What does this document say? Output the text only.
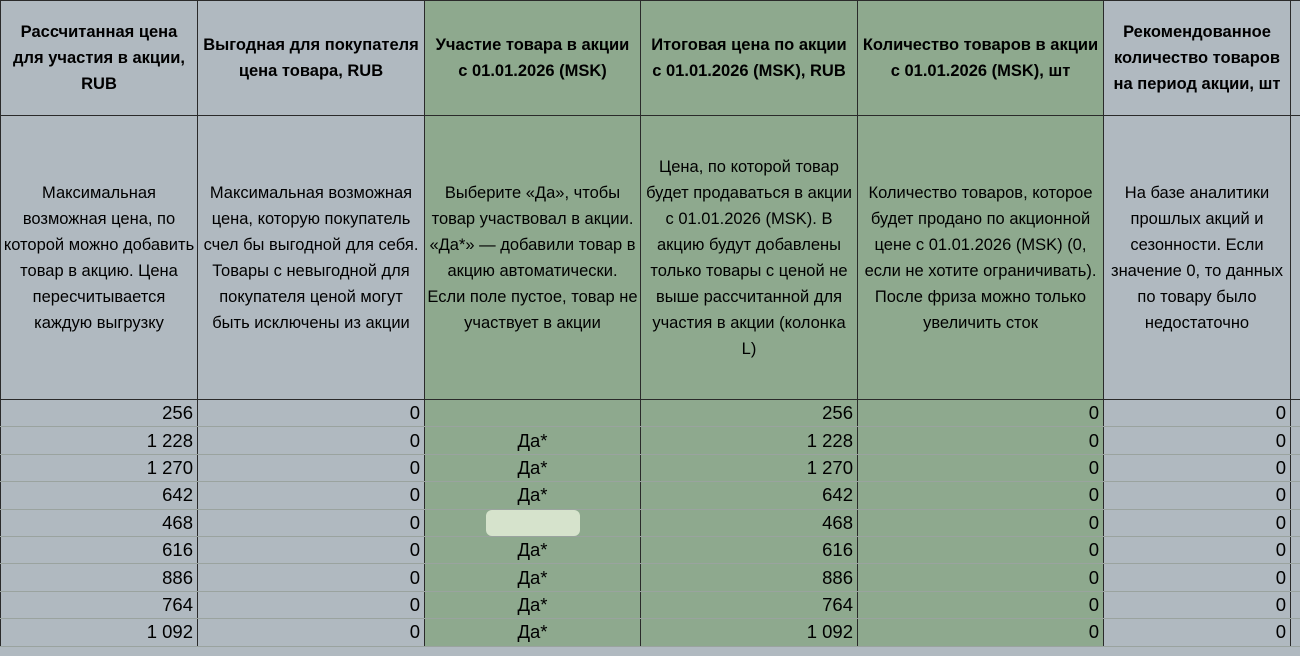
Рассчитанная цена для участия в акции, RUB	Выгодная для покупателя цена товара, RUB	Участие товара в акции с 01.01.2026 (MSK)	Итоговая цена по акции с 01.01.2026 (MSK), RUB	Количество товаров в акции с 01.01.2026 (MSK), шт	Рекомендованное количество товаров на период акции, шт	
Максимальная возможная цена, по которой можно добавить товар в акцию. Цена пересчитывается каждую выгрузку	Максимальная возможная цена, которую покупатель счел бы выгодной для себя. Товары с невыгодной для покупателя ценой могут быть исключены из акции	Выберите «Да», чтобы товар участвовал в акции. «Да*» — добавили товар в акцию автоматически. Если поле пустое, товар не участвует в акции	Цена, по которой товар будет продаваться в акции с 01.01.2026 (MSK). В акцию будут добавлены только товары с ценой не выше рассчитанной для участия в акции (колонка L)	Количество товаров, которое будет продано по акционной цене с 01.01.2026 (MSK) (0, если не хотите ограничивать). После фриза можно только увеличить сток	На базе аналитики прошлых акций и сезонности. Если значение 0, то данных по товару было недостаточно	
256	0		256	0	0	
1 228	0	Да*	1 228	0	0	
1 270	0	Да*	1 270	0	0	
642	0	Да*	642	0	0	
468	0		468	0	0	
616	0	Да*	616	0	0	
886	0	Да*	886	0	0	
764	0	Да*	764	0	0	
1 092	0	Да*	1 092	0	0	
